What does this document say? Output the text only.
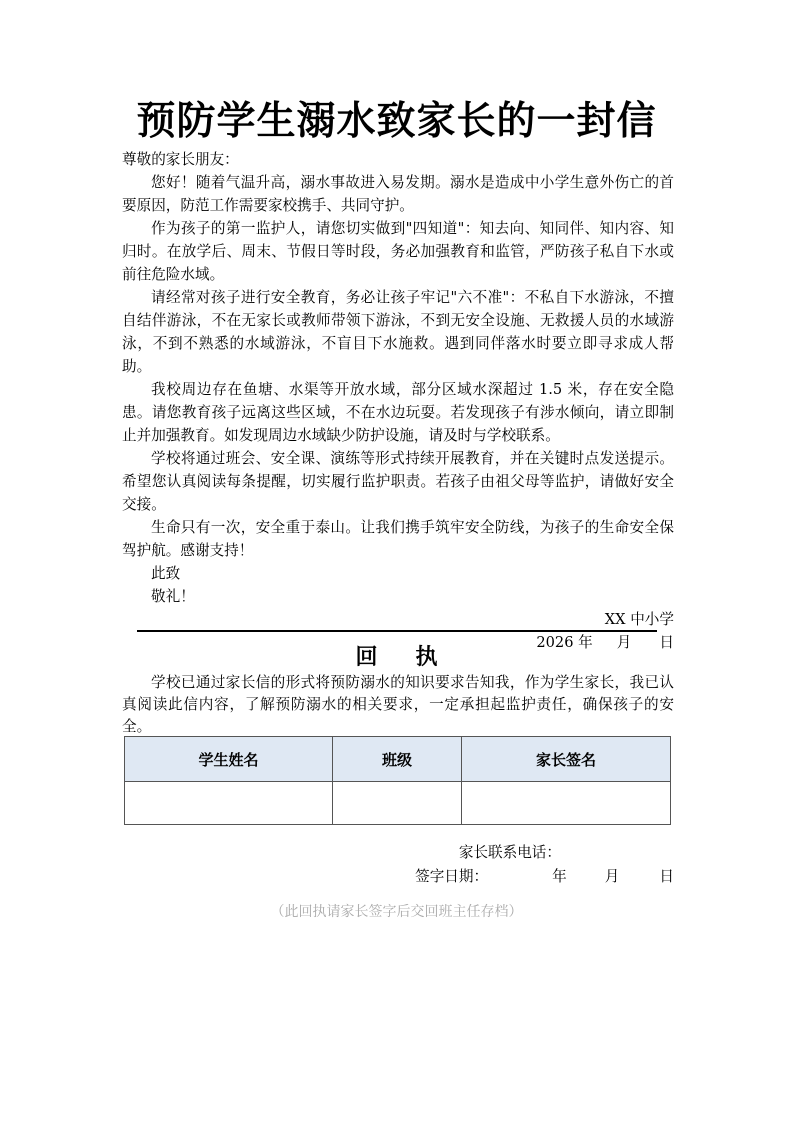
预防学生溺水致家长的一封信

尊敬的家长朋友：

您好！随着气温升高，溺水事故进入易发期。溺水是造成中小学生意外伤亡的首要原因，防范工作需要家校携手、共同守护。

作为孩子的第一监护人，请您切实做到"四知道"：知去向、知同伴、知内容、知归时。在放学后、周末、节假日等时段，务必加强教育和监管，严防孩子私自下水或前往危险水域。

请经常对孩子进行安全教育，务必让孩子牢记"六不准"：不私自下水游泳，不擅自结伴游泳，不在无家长或教师带领下游泳，不到无安全设施、无救援人员的水域游泳，不到不熟悉的水域游泳，不盲目下水施救。遇到同伴落水时要立即寻求成人帮助。

我校周边存在鱼塘、水渠等开放水域，部分区域水深超过 1.5 米，存在安全隐患。请您教育孩子远离这些区域，不在水边玩耍。若发现孩子有涉水倾向，请立即制止并加强教育。如发现周边水域缺少防护设施，请及时与学校联系。

学校将通过班会、安全课、演练等形式持续开展教育，并在关键时点发送提示。希望您认真阅读每条提醒，切实履行监护职责。若孩子由祖父母等监护，请做好安全交接。

生命只有一次，安全重于泰山。让我们携手筑牢安全防线，为孩子的生命安全保驾护航。感谢支持！

此致

敬礼！

XX 中小学

2026 年 月 日

回执

学校已通过家长信的形式将预防溺水的知识要求告知我，作为学生家长，我已认真阅读此信内容，了解预防溺水的相关要求，一定承担起监护责任，确保孩子的安全。

学生姓名	班级	家长签名

家长联系电话：
签字日期：	年	月	日
（此回执请家长签字后交回班主任存档）
